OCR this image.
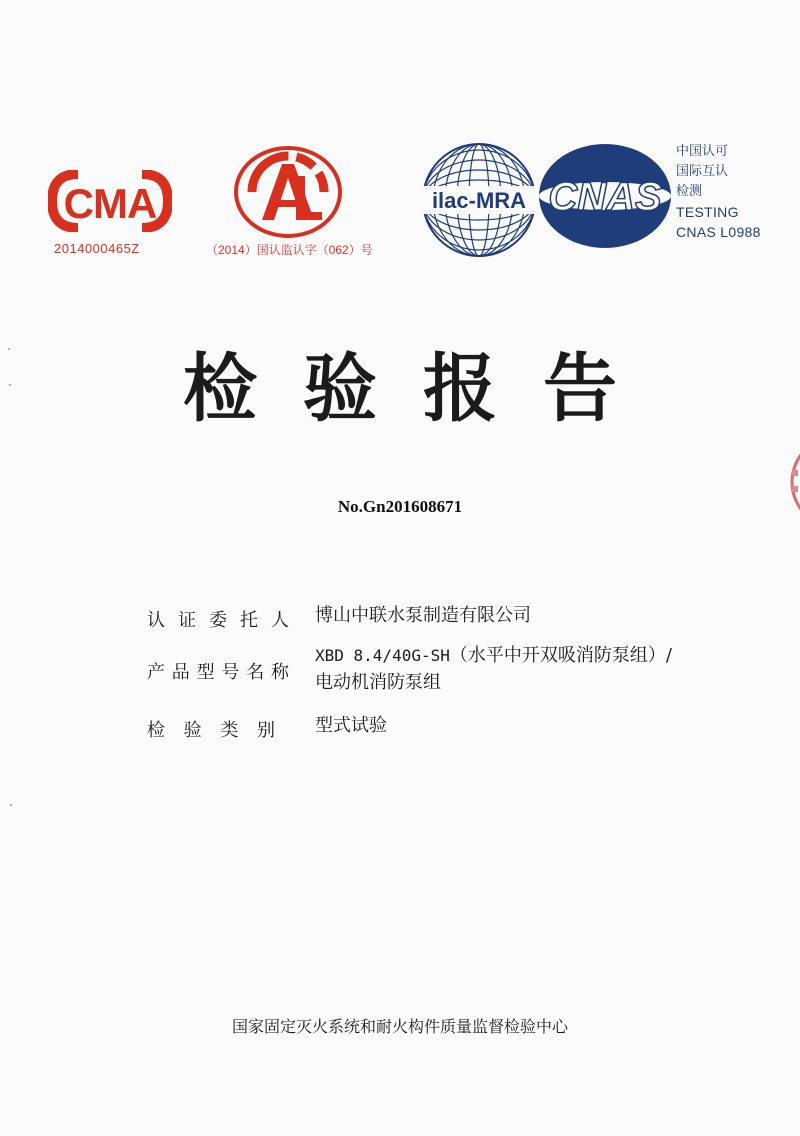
CMA
2014000465Z	（2014）国认监认字（062）号
ilac-MRA CNAS
中国认可
国际互认
检测
TESTING
CNAS L0988
检验报告
No.Gn201608671
认证委托人 博山中联水泵制造有限公司
产品型号名称
XBD 8.4/40G-SH（水平中开双吸消防泵组）/
电动机消防泵组
检验类别 型式试验
国家固定灭火系统和耐火构件质量监督检验中心
